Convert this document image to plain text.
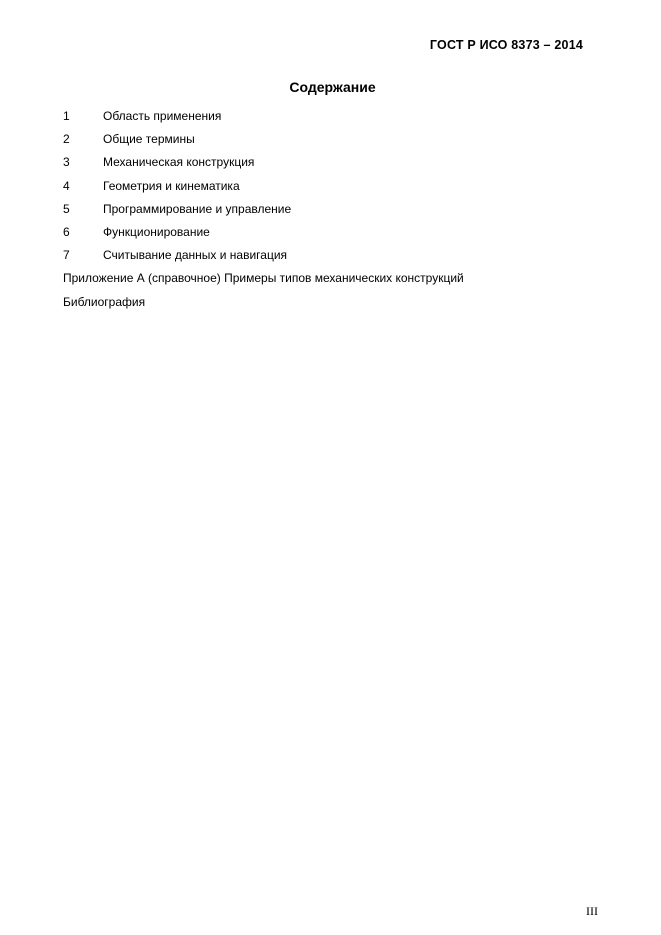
ГОСТ Р ИСО 8373 – 2014
Содержание
1	Область применения
2	Общие термины
3	Механическая конструкция
4	Геометрия и кинематика
5	Программирование и управление
6	Функционирование
7	Считывание данных и навигация
Приложение А (справочное) Примеры типов механических конструкций
Библиография
III
